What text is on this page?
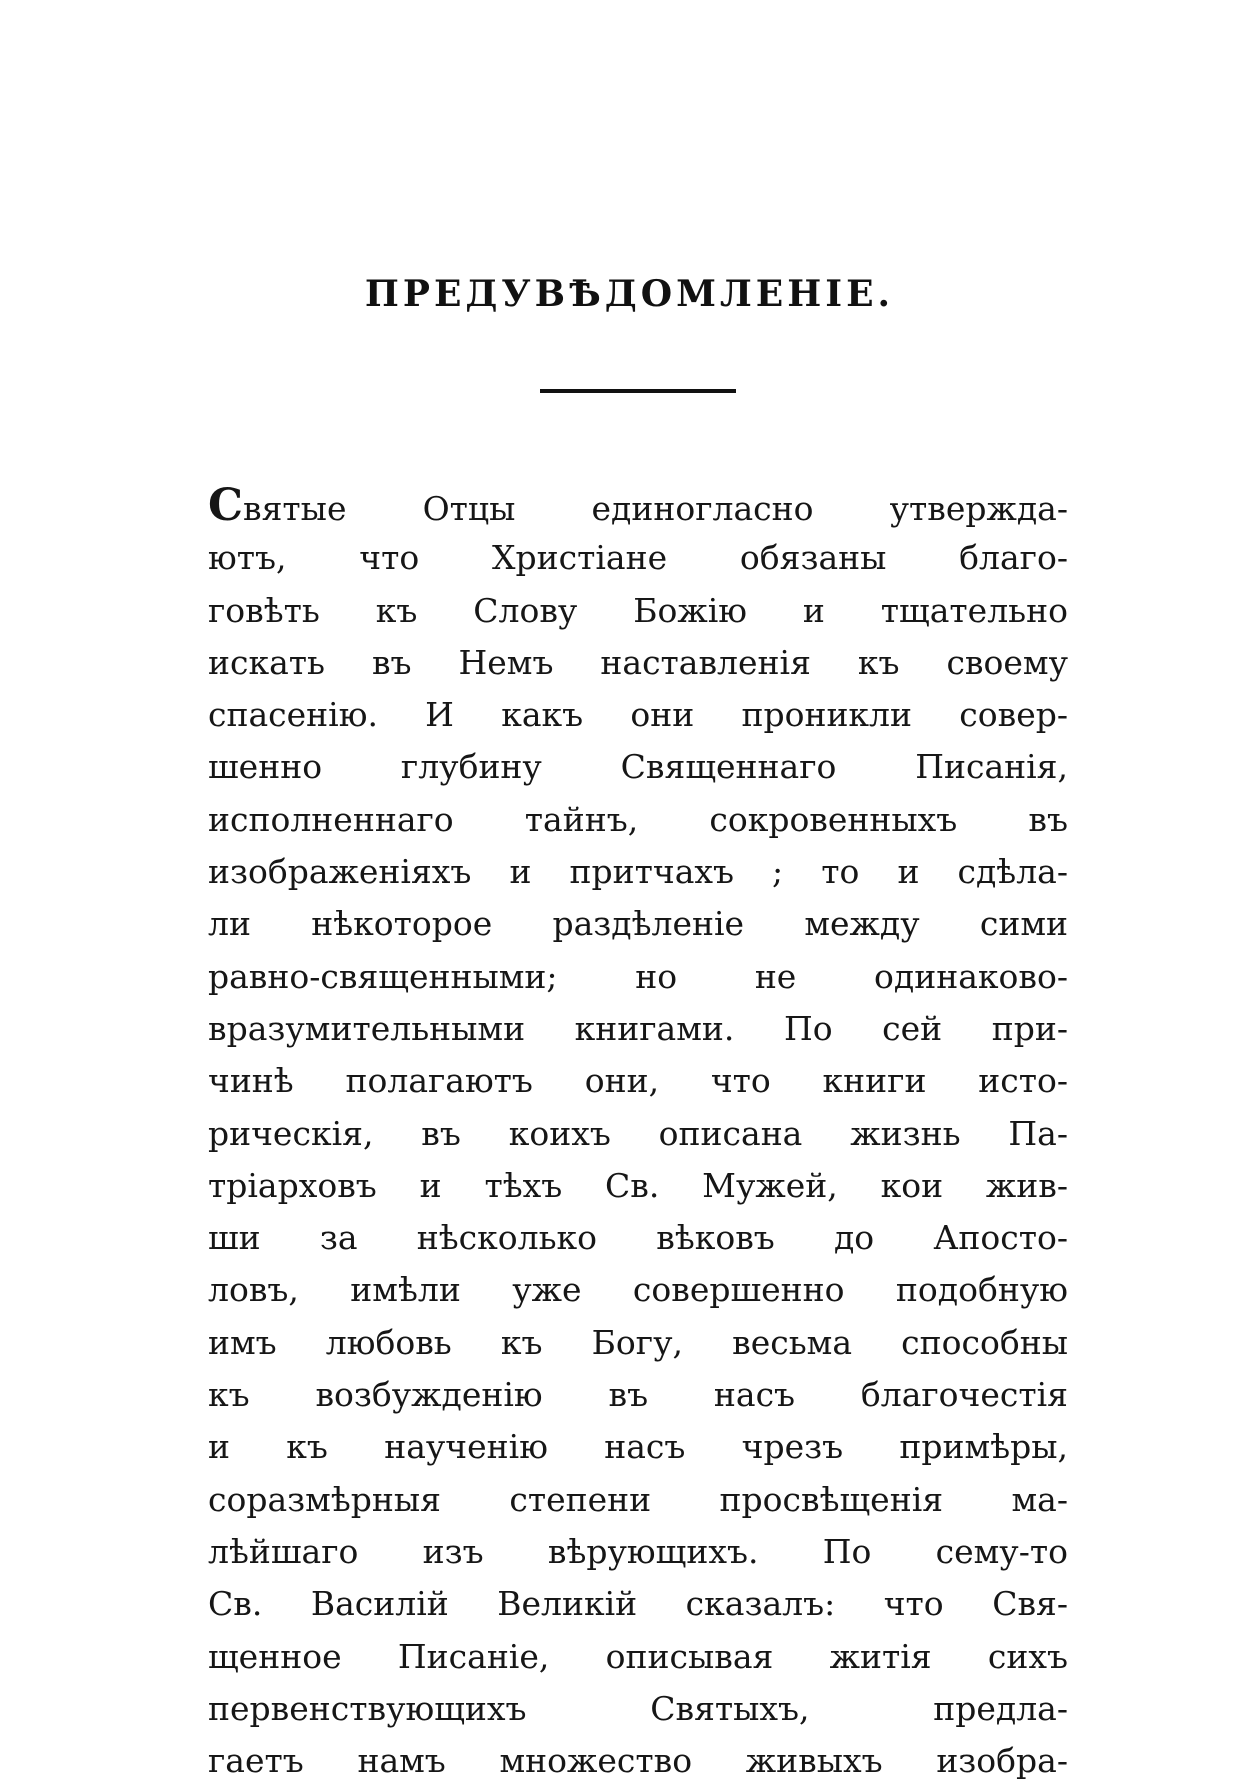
ПРЕДУВѢДОМЛЕНІЕ.
Святые Отцы единогласно утвержда-
ютъ, что Христіане обязаны благо-
говѣть къ Слову Божію и тщательно
искать въ Немъ наставленія къ своему
спасенію. И какъ они проникли совер-
шенно глубину Священнаго Писанія,
исполненнаго тайнъ, сокровенныхъ въ
изображеніяхъ и притчахъ ; то и сдѣла-
ли нѣкоторое раздѣленіе между сими
равно-священными; но не одинаково-
вразумительными книгами. По сей при-
чинѣ полагаютъ они, что книги исто-
рическія, въ коихъ описана жизнь Па-
тріарховъ и тѣхъ Св. Мужей, кои жив-
ши за нѣсколько вѣковъ до Апосто-
ловъ, имѣли уже совершенно подобную
имъ любовь къ Богу, весьма способны
къ возбужденію въ насъ благочестія
и къ наученію насъ чрезъ примѣры,
соразмѣрныя степени просвѣщенія ма-
лѣйшаго изъ вѣрующихъ. По сему-то
Св. Василій Великій сказалъ: что Свя-
щенное Писаніе, описывая житія сихъ
первенствующихъ Святыхъ, предла-
гаетъ намъ множество живыхъ изобра-
